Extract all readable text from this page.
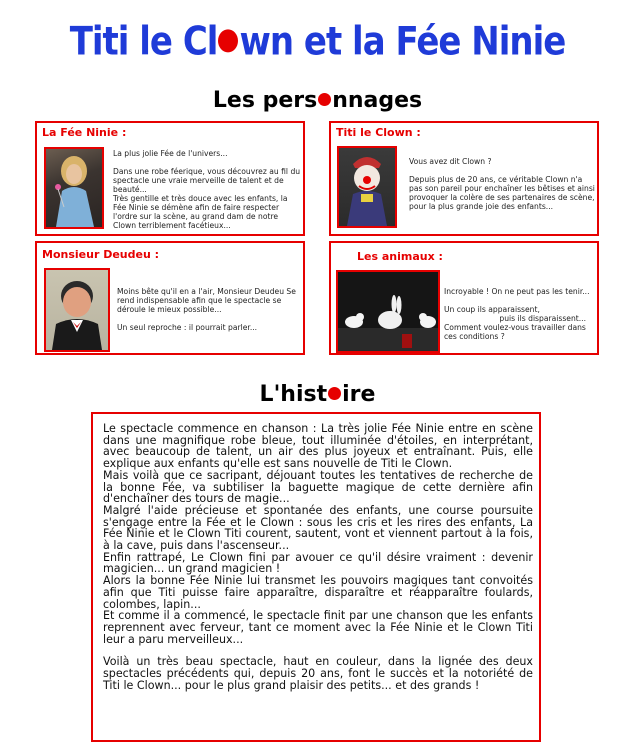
Titi le Cl wn et la Fée Ninie
Les pers nnages
La Fée Ninie :

La plus jolie Fée de l'univers...

Dans une robe féerique, vous découvrez au fil du spectacle une vraie merveille de talent et de beauté...

Très gentille et très douce avec les enfants, la Fée Ninie se démène afin de faire respecter l'ordre sur la scène, au grand dam de notre Clown terriblement facétieux...

Titi le Clown :

Vous avez dit Clown ?

Depuis plus de 20 ans, ce véritable Clown n'a pas son pareil pour enchaîner les bêtises et ainsi provoquer la colère de ses partenaires de scène, pour la plus grande joie des enfants...

Monsieur Deudeu :

Moins bête qu'il en a l'air, Monsieur Deudeu Se rend indispensable afin que le spectacle se déroule le mieux possible...

Un seul reproche : il pourrait parler...

Les animaux :

Incroyable ! On ne peut pas les tenir...

Un coup ils apparaissent,

puis ils disparaissent...

Comment voulez-vous travailler dans ces conditions ?

L'hist ire

Le spectacle commence en chanson : La très jolie Fée Ninie entre en scène dans une magnifique robe bleue, tout illuminée d'étoiles, en interprétant, avec beaucoup de talent, un air des plus joyeux et entraînant. Puis, elle explique aux enfants qu'elle est sans nouvelle de Titi le Clown.

Mais voilà que ce sacripant, déjouant toutes les tentatives de recherche de la bonne Fée, va subtiliser la baguette magique de cette dernière afin d'enchaîner des tours de magie...

Malgré l'aide précieuse et spontanée des enfants, une course poursuite s'engage entre la Fée et le Clown : sous les cris et les rires des enfants, La Fée Ninie et le Clown Titi courent, sautent, vont et viennent partout à la fois, à la cave, puis dans l'ascenseur...

Enfin rattrapé, Le Clown fini par avouer ce qu'il désire vraiment : devenir magicien... un grand magicien !

Alors la bonne Fée Ninie lui transmet les pouvoirs magiques tant convoités afin que Titi puisse faire apparaître, disparaître et réapparaître foulards, colombes, lapin...

Et comme il a commencé, le spectacle finit par une chanson que les enfants reprennent avec ferveur, tant ce moment avec la Fée Ninie et le Clown Titi leur a paru merveilleux...

Voilà un très beau spectacle, haut en couleur, dans la lignée des deux spectacles précédents qui, depuis 20 ans, font le succès et la notoriété de Titi le Clown... pour le plus grand plaisir des petits... et des grands !
